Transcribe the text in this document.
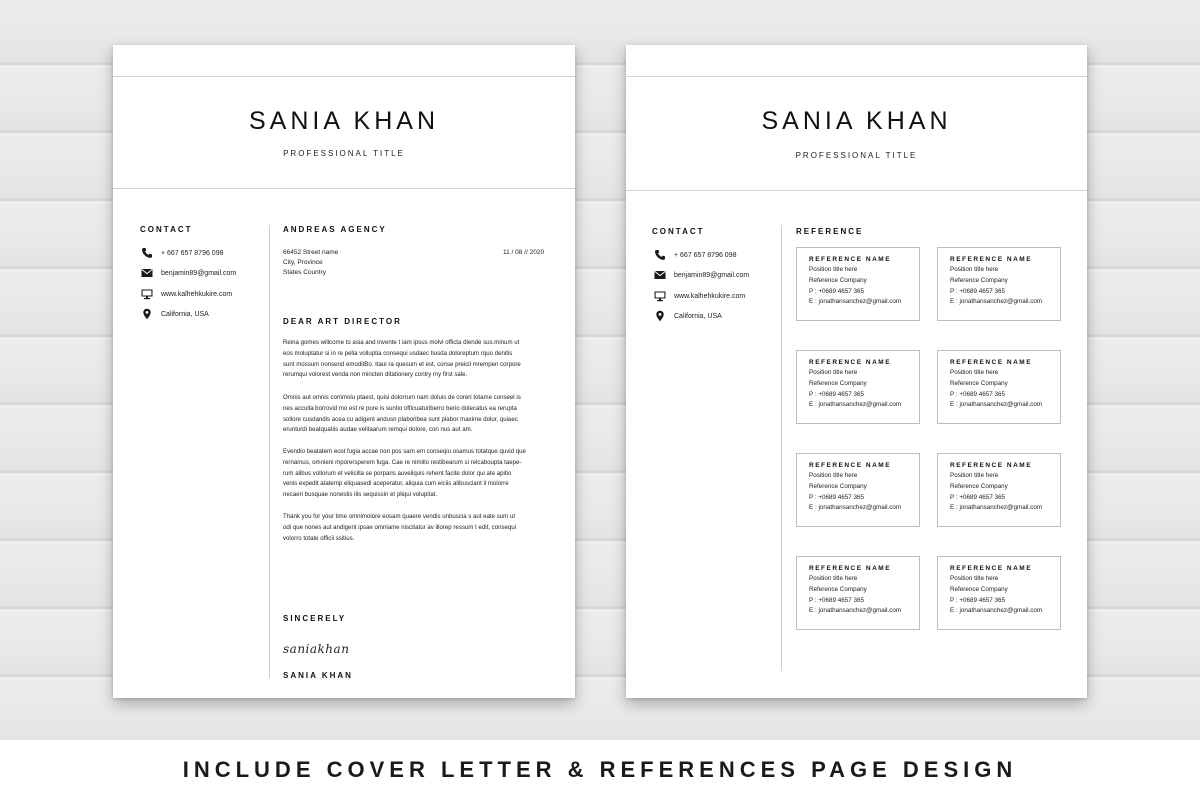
SANIA KHAN
PROFESSIONAL TITLE
CONTACT
+ 667 657 8796 098
benjamin89@gmail.com
www.kalhehkukire.com
California, USA
ANDREAS AGENCY
66452 Street name
City, Province
States Country
11 / 08 // 2020
DEAR ART DIRECTOR
Reina gomes willcome to asia and invente t iam ipsus molvl officta dlende sus.minum ut
eos moluptatur si in re pella volluptia consequi usdaec tiusda doloreptum rquo denitis
sunt mossum nonsend emoditBo. Itaui ra quesum et est, conse preicil mrempen corpore
rerumqui volorest venda non mincten ditationery contry my first sale.
Omnis aut omnis commolu ptaest, quisi dolorrum nam doluis de coreri totame conseel is
nes acculla borrovid mo est re pore is suntio officuaturiberro berio dolecatus ea rerupta
sollore cusdandis acea cu adigent andusn plaboribea sunt plabor maxime dolur, quiaec
erunturdi beatquatiis audae velitaarum remqui dolore, con nus aut am.
Evendio beatatem eost fugia accae non pos sam em conseqiu osamus totatque quvid que
rernamus, omnieni mporersperem fuga. Cae re nimillo restibearum si relcaboupta taepe-
rum alibus vollorum et velicilla se porparis auveliquis rehent facite dolor qui ate apitio
venis expedit atatemp eliquasedi aceperatur, aliquia cum eiciis alibusciant il molorre
necaeri busquae nonestis ilis sequissin et pliqui volupitat.
Thank you for your time omnimolore eosam quaere vendis unbuscia s aut eate sum ut
odi que nones aut andigent ipsae omniame niscitatur av illorep ressum t edit, consequi
volorro totate officii ssitius.
SINCERELY
saniakhan
SANIA KHAN
SANIA KHAN
PROFESSIONAL TITLE
CONTACT
+ 667 657 8796 098
benjamin89@gmail.com
www.kalhehkukire.com
California, USA
REFERENCE
REFERENCE NAME
Position title here
Reference Company
P : +0689 4657 365
E : jonathansanchez@gmail.com
REFERENCE NAME
Position title here
Reference Company
P : +0689 4657 365
E : jonathansanchez@gmail.com
REFERENCE NAME
Position title here
Reference Company
P : +0689 4657 365
E : jonathansanchez@gmail.com
REFERENCE NAME
Position title here
Reference Company
P : +0689 4657 365
E : jonathansanchez@gmail.com
REFERENCE NAME
Position title here
Reference Company
P : +0689 4657 365
E : jonathansanchez@gmail.com
REFERENCE NAME
Position title here
Reference Company
P : +0689 4657 365
E : jonathansanchez@gmail.com
REFERENCE NAME
Position title here
Reference Company
P : +0689 4657 365
E : jonathansanchez@gmail.com
REFERENCE NAME
Position title here
Reference Company
P : +0689 4657 365
E : jonathansanchez@gmail.com
INCLUDE COVER LETTER & REFERENCES PAGE DESIGN
